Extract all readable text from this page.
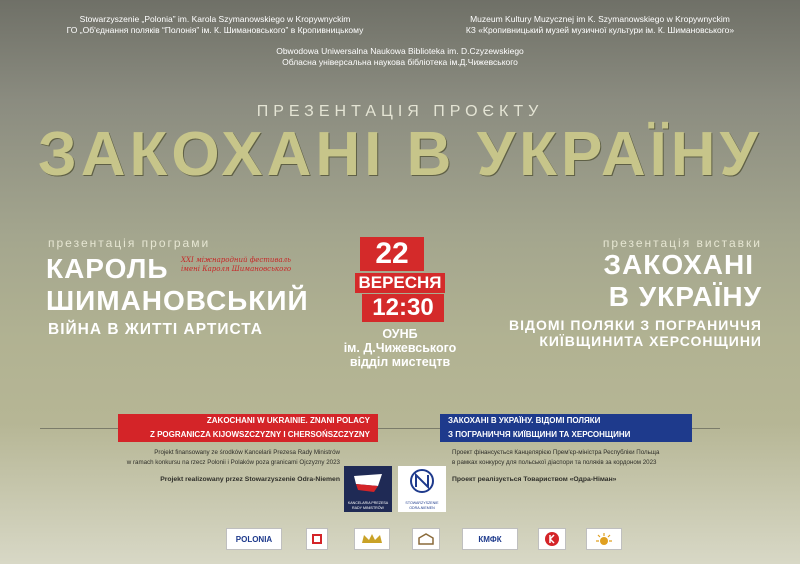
Stowarzyszenie „Polonia” im. Karola Szymanowskiego w Kropywnyckim
ГО „Об'єднання поляків “Полонія” ім. К. Шимановського” в Кропивницькому
Muzeum Kultury Muzycznej im K. Szymanowskiego w Kropywnyckim
КЗ «Кропивницький музей музичної культури ім. К. Шимановського»
Obwodowa Uniwersalna Naukowa Biblioteka im. D.Czyzewskiego
Обласна універсальна наукова бібліотека ім.Д.Чижевського
ПРЕЗЕНТАЦІЯ ПРОЄКТУ
ЗАКОХАНІ В УКРАЇНУ
презентація програми
КАРОЛЬ
ШИМАНОВСЬКИЙ
ВІЙНА В ЖИТТІ АРТИСТА
XXI міжнародний фестиваль
імені Кароля Шимановського	22
ВЕРЕСНЯ
12:30
ОУНБ
ім. Д.Чижевського
відділ мистецтв
презентація виставки
ЗАКОХАНІ
В УКРАЇНУ
ВІДОМІ ПОЛЯКИ З ПОГРАНИЧЧЯ
КИЇВЩИНИТА ХЕРСОНЩИНИ
ZAKOCHANI W UKRAINIE. ZNANI POLACY
Z POGRANICZA KIJOWSZCZYZNY I CHERSOŃSZCZYZNY
ЗАКОХАНІ В УКРАЇНУ. ВІДОМІ ПОЛЯКИ
З ПОГРАНИЧЧЯ КИЇВЩИНИ ТА ХЕРСОНЩИНИ
Projekt finansowany ze środków Kancelarii Prezesa Rady Ministrów
w ramach konkursu na rzecz Polonii i Polaków poza granicami Ojczyzny 2023
Projekt realizowany przez Stowarzyszenie Odra-Niemen
Проект фінансується Канцелярією Прем'єр-міністра Республіки Польща
в рамках конкурсу для польської діаспори та поляків за кордоном 2023
Проект реалізується Товариством «Одра-Німан»
KANCELARIA PREZESA RADY MINISTRÓW
STOWARZYSZENIE ODRA-NIEMEN
POLONIA	КМФК
